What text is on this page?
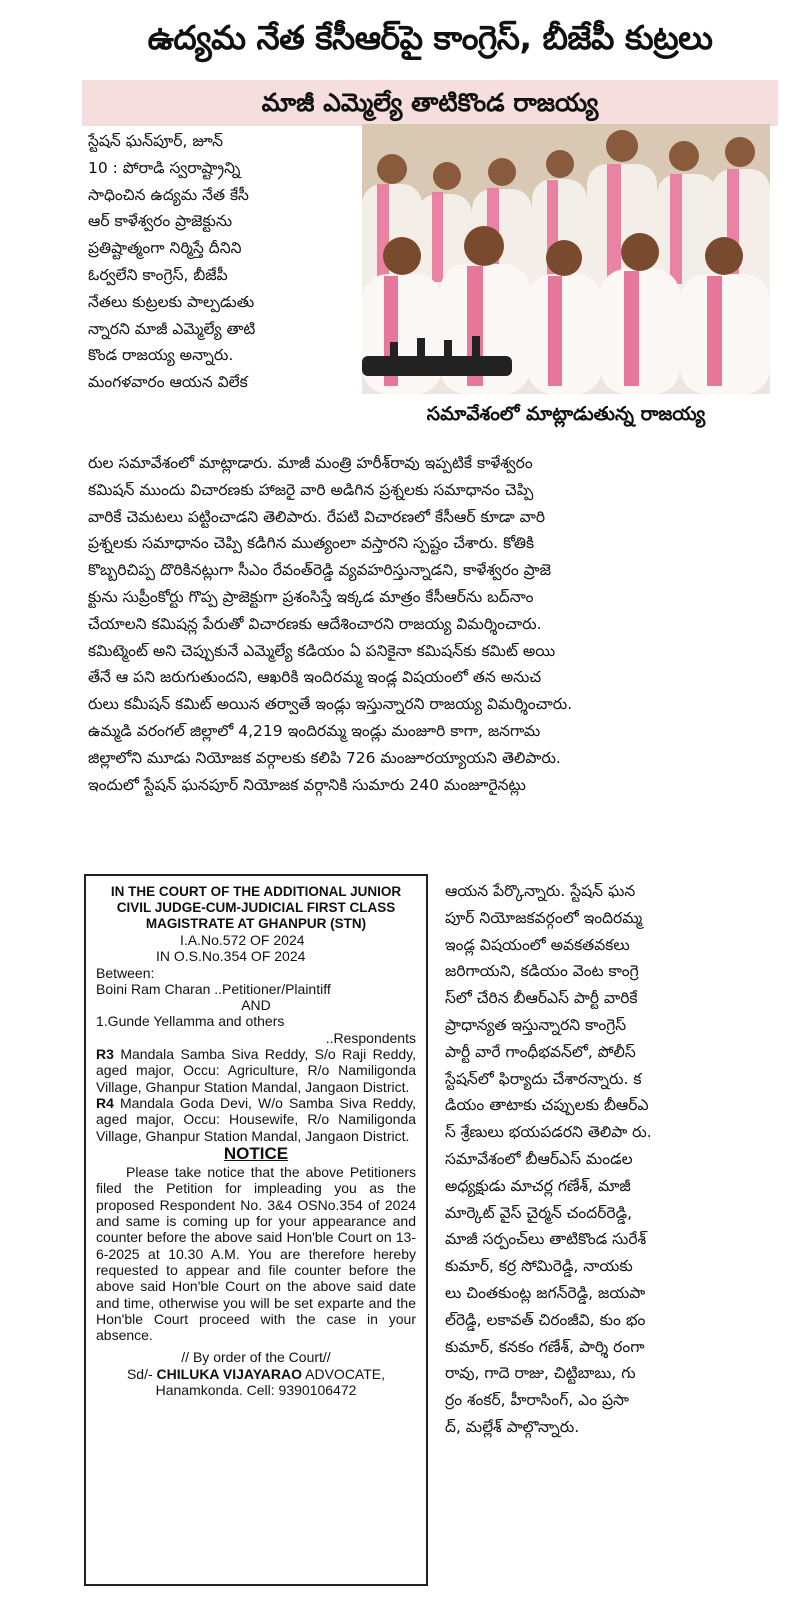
ఉద్యమ నేత కేసీఆర్‌పై కాంగ్రెస్‌, బీజేపీ కుట్రలు
మాజీ ఎమ్మెల్యే తాటికొండ రాజయ్య
స్టేషన్‌ ఘన్‌పూర్‌, జూన్‌
10 : పోరాడి స్వరాష్ట్రాన్ని
సాధించిన ఉద్యమ నేత కేసీ
ఆర్‌ కాళేశ్వరం ప్రాజెక్టును
ప్రతిష్టాత్మంగా నిర్మిస్తే దీనిని
ఓర్వలేని కాంగ్రెస్‌, బీజేపీ
నేతలు కుట్రలకు పాల్పడుతు
న్నారని మాజీ ఎమ్మెల్యే తాటి
కొండ రాజయ్య అన్నారు.
మంగళవారం ఆయన విలేక
సమావేశంలో మాట్లాడుతున్న రాజయ్య
రుల సమావేశంలో మాట్లాడారు. మాజీ మంత్రి హరీశ్‌రావు ఇప్పటికే కాళేశ్వరం
కమిషన్‌ ముందు విచారణకు హాజరై వారి అడిగిన ప్రశ్నలకు సమాధానం చెప్పి
వారికే చెమటలు పట్టించాడని తెలిపారు. రేపటి విచారణలో కేసీఆర్‌ కూడా వారి
ప్రశ్నలకు సమాధానం చెప్పి కడిగిన ముత్యంలా వస్తారని స్పష్టం చేశారు. కోతికి
కొబ్బరిచిప్ప దొరికినట్లుగా సీఎం రేవంత్‌రెడ్డి వ్యవహరిస్తున్నాడని, కాళేశ్వరం ప్రాజె
క్టును సుప్రీంకోర్టు గొప్ప ప్రాజెక్టుగా ప్రశంసిస్తే ఇక్కడ మాత్రం కేసీఆర్‌ను బద్‌నాం
చేయాలని కమిషన్ల పేరుతో విచారణకు ఆదేశించారని రాజయ్య విమర్శించారు.
కమిట్మెంట్‌ అని చెప్పుకునే ఎమ్మెల్యే కడియం ఏ పనికైనా కమిషన్‌కు కమిట్‌ అయి
తేనే ఆ పని జరుగుతుందని, ఆఖరికి ఇందిరమ్మ ఇండ్ల విషయంలో తన అనుచ
రులు కమీషన్‌ కమిట్‌ అయిన తర్వాతే ఇండ్లు ఇస్తున్నారని రాజయ్య విమర్శించారు.
ఉమ్మడి వరంగల్‌ జిల్లాలో 4,219 ఇందిరమ్మ ఇండ్లు మంజూరి కాగా, జనగామ
జిల్లాలోని మూడు నియోజక వర్గాలకు కలిపి 726 మంజూరయ్యాయని తెలిపారు.
ఇందులో స్టేషన్‌ ఘనపూర్‌ నియోజక వర్గానికి సుమారు 240 మంజూరైనట్లు
ఆయన పేర్కొన్నారు. స్టేషన్‌ ఘన
పూర్‌ నియోజకవర్గంలో ఇందిరమ్మ
ఇండ్ల విషయంలో అవకతవకలు
జరిగాయని, కడియం వెంట కాంగ్రె
స్‌లో చేరిన బీఆర్‌ఎస్‌ పార్టీ వారికే
ప్రాధాన్యత ఇస్తున్నారని కాంగ్రెస్‌
పార్టీ వారే గాంధీభవన్‌లో, పోలీస్‌
స్టేషన్‌లో ఫిర్యాదు చేశారన్నారు. క
డియం తాటాకు చప్పులకు బీఆర్‌ఎ
స్‌ శ్రేణులు భయపడరని తెలిపా రు.
సమావేశంలో బీఆర్‌ఎస్‌ మండల
అధ్యక్షుడు మాచర్ల గణేశ్‌, మాజీ
మార్కెట్‌ వైస్‌ చైర్మన్‌ చందర్‌రెడ్డి,
మాజీ సర్పంచ్‌లు తాటికొండ సురేశ్‌
కుమార్‌, కర్ర సోమిరెడ్డి, నాయకు
లు చింతకుంట్ల జగన్‌రెడ్డి, జయపా
ల్‌రెడ్డి, లకావత్‌ చిరంజీవి, కుం భం
కుమార్‌, కనకం గణేశ్‌, పార్శి రంగా
రావు, గాదె రాజు, చిట్టిబాబు, గు
ర్రం శంకర్‌, హీరాసింగ్‌, ఎం ప్రసా
ద్‌, మల్లేశ్‌ పాల్గొన్నారు.
IN THE COURT OF THE ADDITIONAL JUNIOR
CIVIL JUDGE-CUM-JUDICIAL FIRST CLASS
MAGISTRATE AT GHANPUR (STN)
I.A.No.572 OF 2024
IN O.S.No.354 OF 2024
Between:
Boini Ram Charan ..Petitioner/Plaintiff
AND
1.Gunde Yellamma and others
..Respondents
R3 Mandala Samba Siva Reddy, S/o Raji Reddy, aged major, Occu: Agriculture, R/o Namiligonda Village, Ghanpur Station Mandal, Jangaon District.
R4 Mandala Goda Devi, W/o Samba Siva Reddy, aged major, Occu: Housewife, R/o Namiligonda Village, Ghanpur Station Mandal, Jangaon District.
NOTICE
Please take notice that the above Petitioners filed the Petition for impleading you as the proposed Respondent No. 3&4 OSNo.354 of 2024 and same is coming up for your appearance and counter before the above said Hon'ble Court on 13-6-2025 at 10.30 A.M. You are therefore hereby requested to appear and file counter before the above said Hon'ble Court on the above said date and time, otherwise you will be set exparte and the Hon'ble Court proceed with the case in your absence.
// By order of the Court//
Sd/- CHILUKA VIJAYARAO ADVOCATE,
Hanamkonda. Cell: 9390106472
